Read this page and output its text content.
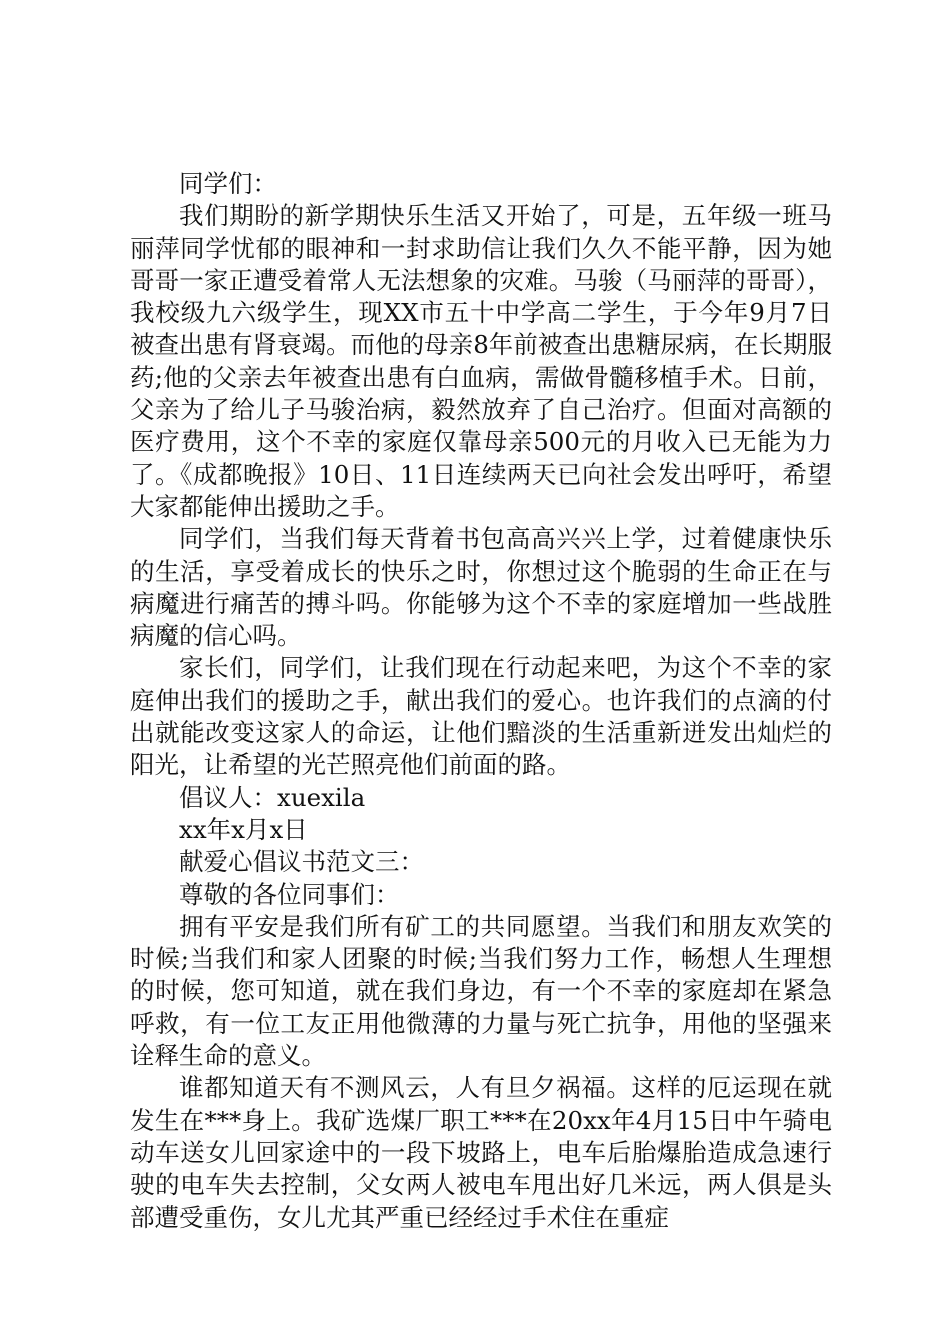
同学们：

我们期盼的新学期快乐生活又开始了，可是，五年级一班马丽萍同学忧郁的眼神和一封求助信让我们久久不能平静，因为她哥哥一家正遭受着常人无法想象的灾难。马骏（马丽萍的哥哥），我校级九六级学生，现XX市五十中学高二学生，于今年9月7日被查出患有肾衰竭。而他的母亲8年前被查出患糖尿病，在长期服药;他的父亲去年被查出患有白血病，需做骨髓移植手术。日前，父亲为了给儿子马骏治病，毅然放弃了自己治疗。但面对高额的医疗费用，这个不幸的家庭仅靠母亲500元的月收入已无能为力了。《成都晚报》10日、11日连续两天已向社会发出呼吁，希望大家都能伸出援助之手。

同学们，当我们每天背着书包高高兴兴上学，过着健康快乐的生活，享受着成长的快乐之时，你想过这个脆弱的生命正在与病魔进行痛苦的搏斗吗。你能够为这个不幸的家庭增加一些战胜病魔的信心吗。

家长们，同学们，让我们现在行动起来吧，为这个不幸的家庭伸出我们的援助之手，献出我们的爱心。也许我们的点滴的付出就能改变这家人的命运，让他们黯淡的生活重新迸发出灿烂的阳光，让希望的光芒照亮他们前面的路。

倡议人：xuexila

xx年x月x日

献爱心倡议书范文三：

尊敬的各位同事们：

拥有平安是我们所有矿工的共同愿望。当我们和朋友欢笑的时候;当我们和家人团聚的时候;当我们努力工作，畅想人生理想的时候，您可知道，就在我们身边，有一个不幸的家庭却在紧急呼救，有一位工友正用他微薄的力量与死亡抗争，用他的坚强来诠释生命的意义。

谁都知道天有不测风云，人有旦夕祸福。这样的厄运现在就发生在***身上。我矿选煤厂职工***在20xx年4月15日中午骑电动车送女儿回家途中的一段下坡路上，电车后胎爆胎造成急速行驶的电车失去控制，父女两人被电车甩出好几米远，两人俱是头部遭受重伤，女儿尤其严重已经经过手术住在重症
